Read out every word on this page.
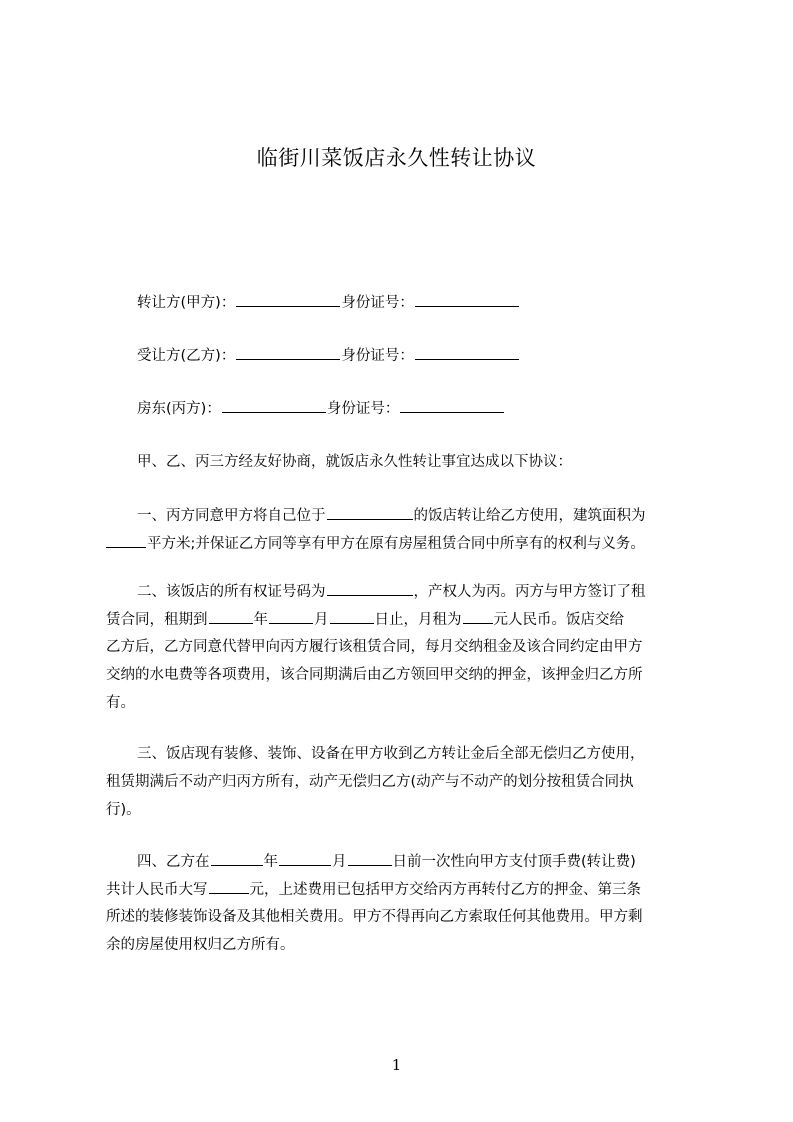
临街川菜饭店永久性转让协议
转让方(甲方)：	身份证号：
受让方(乙方)：	身份证号：
房东(丙方)：	身份证号：
甲、乙、丙三方经友好协商，就饭店永久性转让事宜达成以下协议：
一、丙方同意甲方将自己位于	的饭店转让给乙方使用，建筑面积为
平方米;并保证乙方同等享有甲方在原有房屋租赁合同中所享有的权利与义务。
二、该饭店的所有权证号码为	，产权人为丙。丙方与甲方签订了租
赁合同，租期到	年	月	日止，月租为 元人民币。饭店交给
乙方后，乙方同意代替甲向丙方履行该租赁合同，每月交纳租金及该合同约定由甲方
交纳的水电费等各项费用，该合同期满后由乙方领回甲交纳的押金，该押金归乙方所
有。
三、饭店现有装修、装饰、设备在甲方收到乙方转让金后全部无偿归乙方使用，
租赁期满后不动产归丙方所有，动产无偿归乙方(动产与不动产的划分按租赁合同执
行)。
四、乙方在	年	月	日前一次性向甲方支付顶手费(转让费)
共计人民币大写	元，上述费用已包括甲方交给丙方再转付乙方的押金、第三条
所述的装修装饰设备及其他相关费用。甲方不得再向乙方索取任何其他费用。甲方剩
余的房屋使用权归乙方所有。
1
